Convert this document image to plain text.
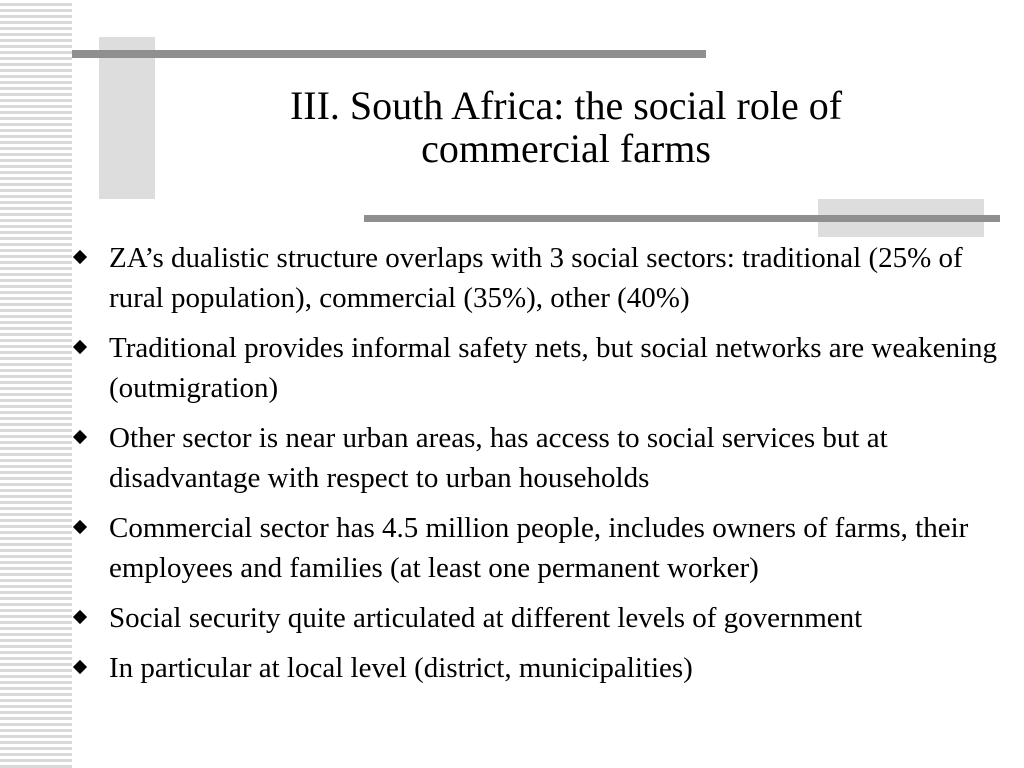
III. South Africa: the social role of
commercial farms
ZA’s dualistic structure overlaps with 3 social sectors: traditional (25% of rural population), commercial (35%), other (40%)
Traditional provides informal safety nets, but social networks are weakening (outmigration)
Other sector is near urban areas, has access to social services but at disadvantage with respect to urban households
Commercial sector has 4.5 million people, includes owners of farms, their employees and families (at least one permanent worker)
Social security quite articulated at different levels of government
In particular at local level (district, municipalities)
